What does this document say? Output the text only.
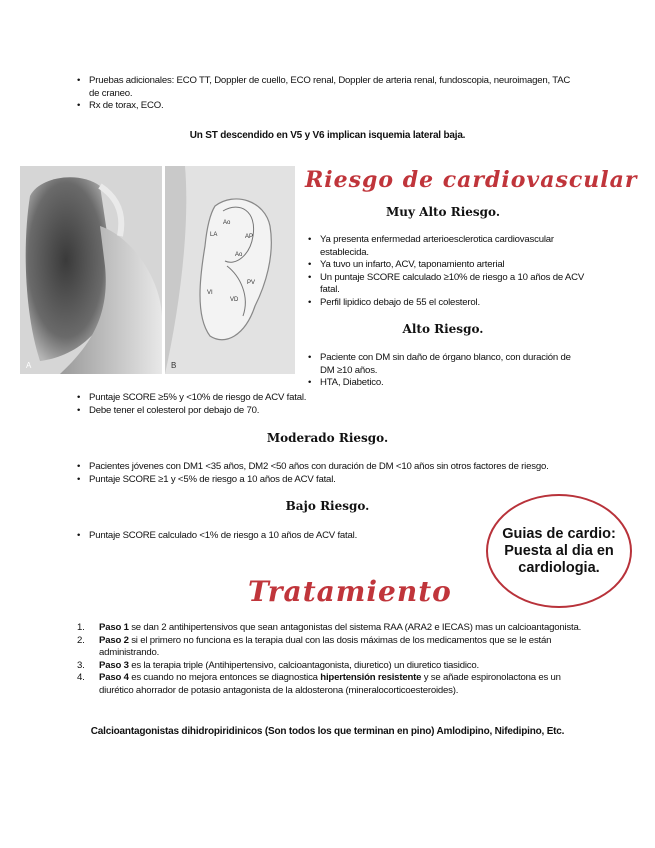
• Pruebas adicionales: ECO TT, Doppler de cuello, ECO renal, Doppler de arteria renal, fundoscopia, neuroimagen, TAC de craneo.
• Rx de torax, ECO.
Un ST descendido en V5 y V6 implican isquemia lateral baja.
A
Ao
AP
LA
Ao
VI
VD
PV
B
Riesgo de cardiovascular
Muy Alto Riesgo.
• Ya presenta enfermedad arterioesclerotica cardiovascular establecida.
• Ya tuvo un infarto, ACV, taponamiento arterial
• Un puntaje SCORE calculado ≥10% de riesgo a 10 años de ACV fatal.
• Perfil lipidico debajo de 55 el colesterol.
Alto Riesgo.
• Paciente con DM sin daño de órgano blanco, con duración de DM ≥10 años.
• HTA, Diabetico.
• Puntaje SCORE ≥5% y <10% de riesgo de ACV fatal.
• Debe tener el colesterol por debajo de 70.
Moderado Riesgo.
• Pacientes jóvenes con DM1 <35 años, DM2 <50 años con duración de DM <10 años sin otros factores de riesgo.
• Puntaje SCORE ≥1 y <5% de riesgo a 10 años de ACV fatal.
Bajo Riesgo.
• Puntaje SCORE calculado <1% de riesgo a 10 años de ACV fatal.	Guias de cardio:
Puesta al dia en
cardiologia.
Tratamiento
1. Paso 1 se dan 2 antihipertensivos que sean antagonistas del sistema RAA (ARA2 e IECAS) mas un calcioantagonista.
2. Paso 2 si el primero no funciona es la terapia dual con las dosis máximas de los medicamentos que se le están administrando.
3. Paso 3 es la terapia triple (Antihipertensivo, calcioantagonista, diuretico) un diuretico tiasidico.
4. Paso 4 es cuando no mejora entonces se diagnostica hipertensión resistente y se añade espironolactona es un diurético ahorrador de potasio antagonista de la aldosterona (mineralocorticoesteroides).
Calcioantagonistas dihidropiridinicos (Son todos los que terminan en pino) Amlodipino, Nifedipino, Etc.
